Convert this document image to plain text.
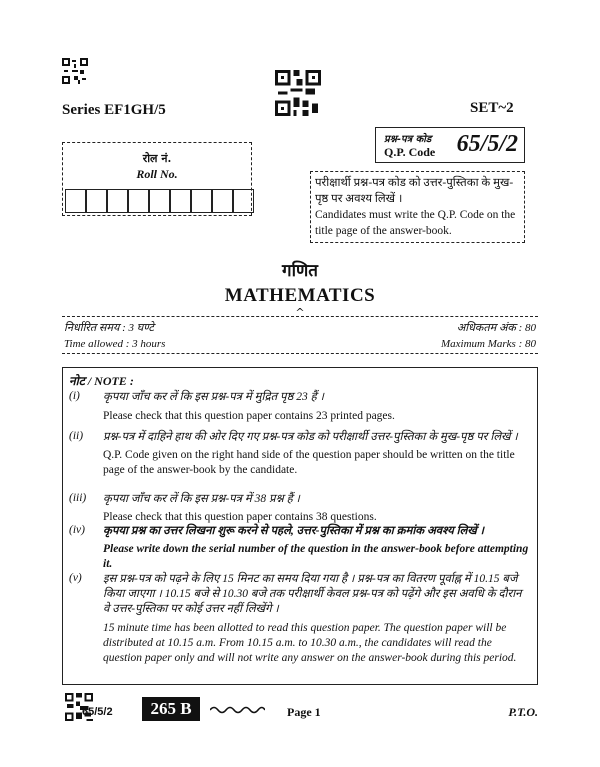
Series EF1GH/5	SET~2
रोल नं.
Roll No.
प्रश्न-पत्र कोड
Q.P. Code 65/5/2
परीक्षार्थी प्रश्न-पत्र कोड को उत्तर-पुस्तिका के मुख-पृष्ठ पर अवश्य लिखें ।
Candidates must write the Q.P. Code on the title page of the answer-book.
गणित
MATHEMATICS
^
निर्धारित समय : 3 घण्टे	अधिकतम अंक : 80
Time allowed : 3 hours	Maximum Marks : 80
नोट / NOTE :
(i) कृपया जाँच कर लें कि इस प्रश्न-पत्र में मुद्रित पृष्ठ 23 हैं ।
Please check that this question paper contains 23 printed pages.
(ii) प्रश्न-पत्र में दाहिने हाथ की ओर दिए गए प्रश्न-पत्र कोड को परीक्षार्थी उत्तर-पुस्तिका के मुख-पृष्ठ पर लिखें ।
Q.P. Code given on the right hand side of the question paper should be written on the title page of the answer-book by the candidate.
(iii) कृपया जाँच कर लें कि इस प्रश्न-पत्र में 38 प्रश्न हैं ।
Please check that this question paper contains 38 questions.
(iv) कृपया प्रश्न का उत्तर लिखना शुरू करने से पहले, उत्तर-पुस्तिका में प्रश्न का क्रमांक अवश्य लिखें ।
Please write down the serial number of the question in the answer-book before attempting it.
(v) इस प्रश्न-पत्र को पढ़ने के लिए 15 मिनट का समय दिया गया है । प्रश्न-पत्र का वितरण पूर्वाह्न में 10.15 बजे किया जाएगा । 10.15 बजे से 10.30 बजे तक परीक्षार्थी केवल प्रश्न-पत्र को पढ़ेंगे और इस अवधि के दौरान वे उत्तर-पुस्तिका पर कोई उत्तर नहीं लिखेंगे ।
15 minute time has been allotted to read this question paper. The question paper will be distributed at 10.15 a.m. From 10.15 a.m. to 10.30 a.m., the candidates will read the question paper only and will not write any answer on the answer-book during this period.
65/5/2	265 B	Page 1	P.T.O.
